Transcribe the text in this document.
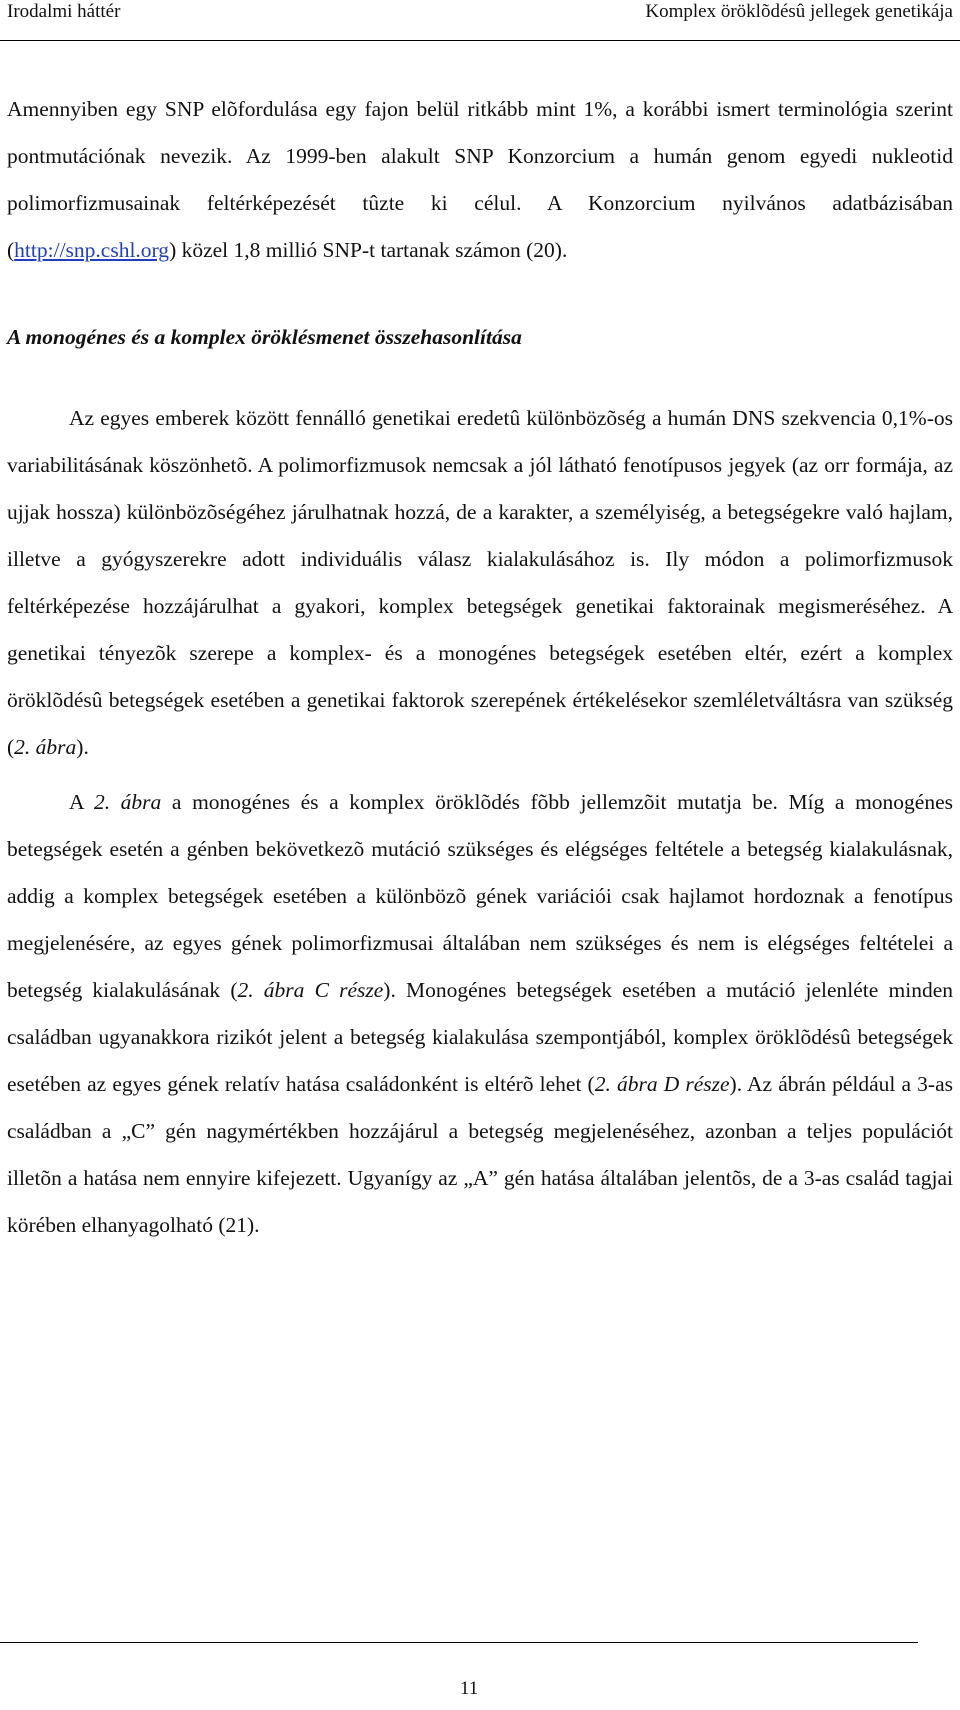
Irodalmi háttér	Komplex öröklõdésû jellegek genetikája

Amennyiben egy SNP elõfordulása egy fajon belül ritkább mint 1%, a korábbi ismert terminológia szerint pontmutációnak nevezik. Az 1999-ben alakult SNP Konzorcium a humán genom egyedi nukleotid polimorfizmusainak feltérképezését tûzte ki célul. A Konzorcium nyilvános adatbázisában (http://snp.cshl.org) közel 1,8 millió SNP-t tartanak számon (20).

A monogénes és a komplex öröklésmenet összehasonlítása

Az egyes emberek között fennálló genetikai eredetû különbözõség a humán DNS szekvencia 0,1%-os variabilitásának köszönhetõ. A polimorfizmusok nemcsak a jól látható fenotípusos jegyek (az orr formája, az ujjak hossza) különbözõségéhez járulhatnak hozzá, de a karakter, a személyiség, a betegségekre való hajlam, illetve a gyógyszerekre adott individuális válasz kialakulásához is. Ily módon a polimorfizmusok feltérképezése hozzájárulhat a gyakori, komplex betegségek genetikai faktorainak megismeréséhez. A genetikai tényezõk szerepe a komplex- és a monogénes betegségek esetében eltér, ezért a komplex öröklõdésû betegségek esetében a genetikai faktorok szerepének értékelésekor szemléletváltásra van szükség (2. ábra).

A 2. ábra a monogénes és a komplex öröklõdés fõbb jellemzõit mutatja be. Míg a monogénes betegségek esetén a génben bekövetkezõ mutáció szükséges és elégséges feltétele a betegség kialakulásnak, addig a komplex betegségek esetében a különbözõ gének variációi csak hajlamot hordoznak a fenotípus megjelenésére, az egyes gének polimorfizmusai általában nem szükséges és nem is elégséges feltételei a betegség kialakulásának (2. ábra C része). Monogénes betegségek esetében a mutáció jelenléte minden családban ugyanakkora rizikót jelent a betegség kialakulása szempontjából, komplex öröklõdésû betegségek esetében az egyes gének relatív hatása családonként is eltérõ lehet (2. ábra D része). Az ábrán például a 3-as családban a „C” gén nagymértékben hozzájárul a betegség megjelenéséhez, azonban a teljes populációt illetõn a hatása nem ennyire kifejezett. Ugyanígy az „A” gén hatása általában jelentõs, de a 3-as család tagjai körében elhanyagolható (21).

11
